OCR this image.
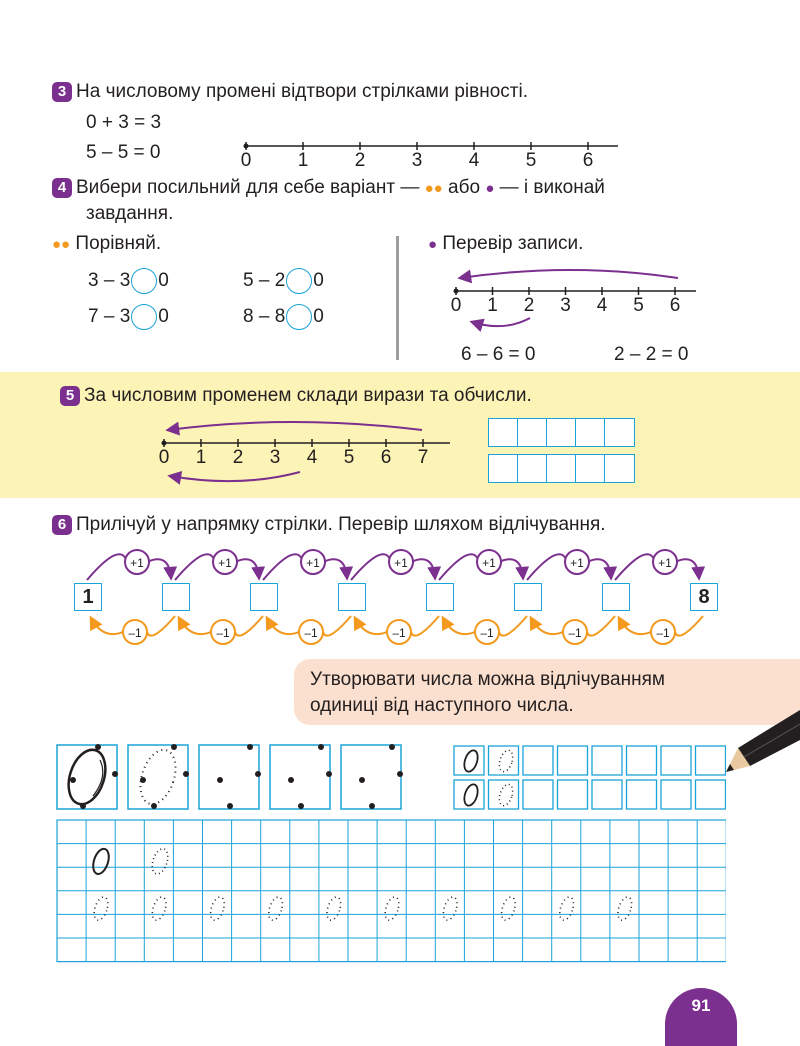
3 На числовому промені відтвори стрілками рівності.
0 + 3 = 3
5 – 5 = 0	0 1 2 3 4 5 6
4 Вибери посильний для себе варіант — ●● або ● — і виконай
завдання.
●● Порівняй.
3 – 3 0	5 – 2 0
7 – 3 0	8 – 8 0
● Перевір записи.
0 1 2 3 4 5 6
6 – 6 = 0	2 – 2 = 0
5 За числовим променем склади вирази та обчисли.
0 1 2 3 4 5 6 7
6 Прилічуй у напрямку стрілки. Перевір шляхом відлічування.
+1
–1
+1
–1
+1
–1
+1
–1
+1
–1
+1
–1
+1
–1
1	8
Утворювати числа можна відлічуванням
одиниці від наступного числа.
91
